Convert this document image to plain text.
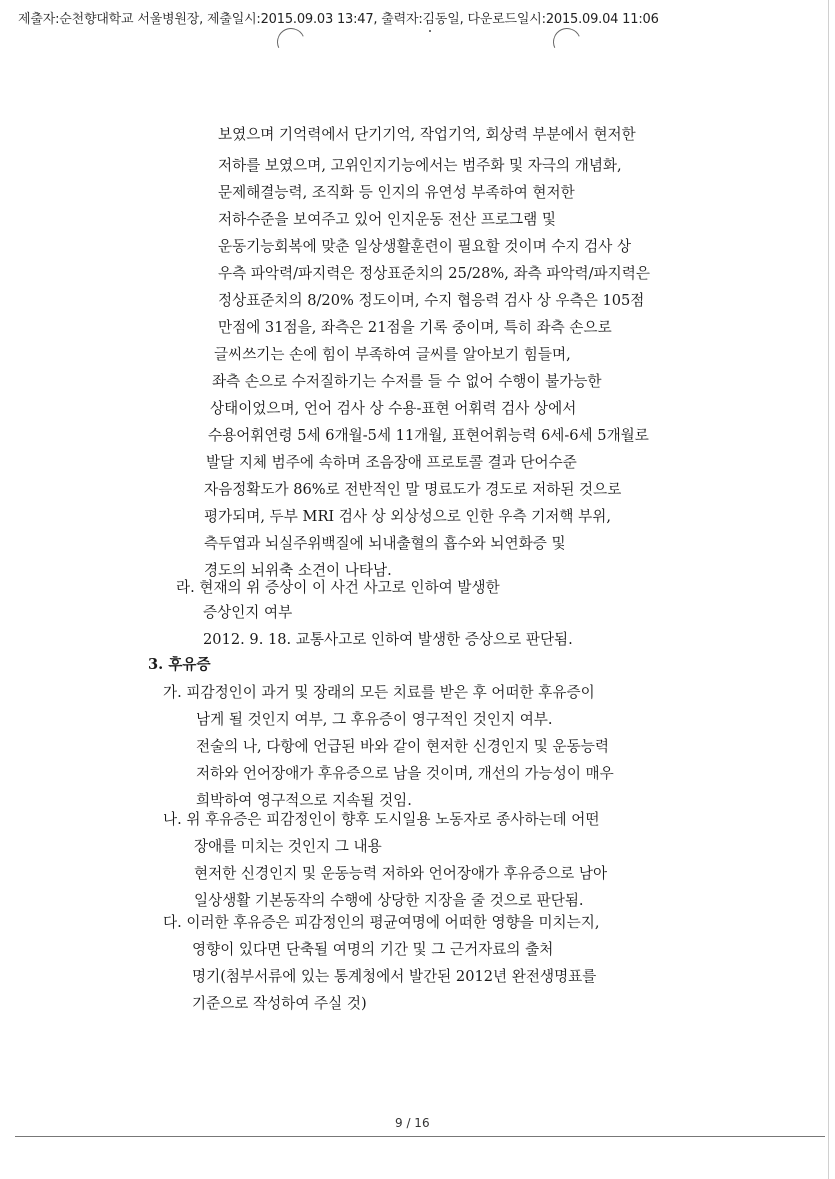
제출자:순천향대학교 서울병원장, 제출일시:2015.09.03 13:47, 출력자:김동일, 다운로드일시:2015.09.04 11:06
보였으며 기억력에서 단기기억, 작업기억, 회상력 부분에서 현저한
저하를 보였으며, 고위인지기능에서는 범주화 및 자극의 개념화,
문제해결능력, 조직화 등 인지의 유연성 부족하여 현저한
저하수준을 보여주고 있어 인지운동 전산 프로그램 및
운동기능회복에 맞춘 일상생활훈련이 필요할 것이며 수지 검사 상
우측 파악력/파지력은 정상표준치의 25/28%, 좌측 파악력/파지력은
정상표준치의 8/20% 정도이며, 수지 협응력 검사 상 우측은 105점
만점에 31점을, 좌측은 21점을 기록 중이며, 특히 좌측 손으로
글씨쓰기는 손에 힘이 부족하여 글씨를 알아보기 힘들며,
좌측 손으로 수저질하기는 수저를 들 수 없어 수행이 불가능한
상태이었으며, 언어 검사 상 수용-표현 어휘력 검사 상에서
수용어휘연령 5세 6개월-5세 11개월, 표현어휘능력 6세-6세 5개월로
발달 지체 범주에 속하며 조음장애 프로토콜 결과 단어수준
자음정확도가 86%로 전반적인 말 명료도가 경도로 저하된 것으로
평가되며, 두부 MRI 검사 상 외상성으로 인한 우측 기저핵 부위,
측두엽과 뇌실주위백질에 뇌내출혈의 흡수와 뇌연화증 및
경도의 뇌위축 소견이 나타남.
라. 현재의 위 증상이 이 사건 사고로 인하여 발생한
증상인지 여부
2012. 9. 18. 교통사고로 인하여 발생한 증상으로 판단됨.
3. 후유증
가. 피감정인이 과거 및 장래의 모든 치료를 받은 후 어떠한 후유증이
남게 될 것인지 여부, 그 후유증이 영구적인 것인지 여부.
전술의 나, 다항에 언급된 바와 같이 현저한 신경인지 및 운동능력
저하와 언어장애가 후유증으로 남을 것이며, 개선의 가능성이 매우
희박하여 영구적으로 지속될 것임.
나. 위 후유증은 피감정인이 향후 도시일용 노동자로 종사하는데 어떤
장애를 미치는 것인지 그 내용
현저한 신경인지 및 운동능력 저하와 언어장애가 후유증으로 남아
일상생활 기본동작의 수행에 상당한 지장을 줄 것으로 판단됨.
다. 이러한 후유증은 피감정인의 평균여명에 어떠한 영향을 미치는지,
영향이 있다면 단축될 여명의 기간 및 그 근거자료의 출처
명기(첨부서류에 있는 통계청에서 발간된 2012년 완전생명표를
기준으로 작성하여 주실 것)
9 / 16
